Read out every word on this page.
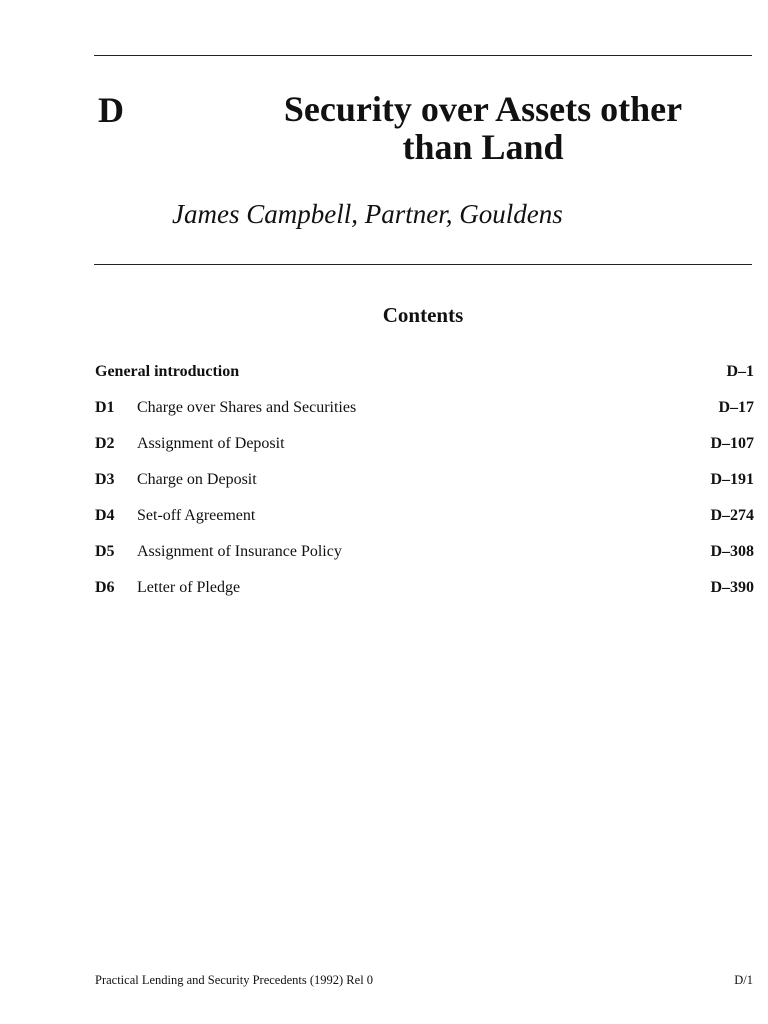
D	Security over Assets other
than Land
James Campbell, Partner, Gouldens
Contents
General introduction	D–1
D1 Charge over Shares and Securities	D–17
D2 Assignment of Deposit	D–107
D3 Charge on Deposit	D–191
D4 Set-off Agreement	D–274
D5 Assignment of Insurance Policy	D–308
D6 Letter of Pledge	D–390
Practical Lending and Security Precedents (1992) Rel 0	D/1
